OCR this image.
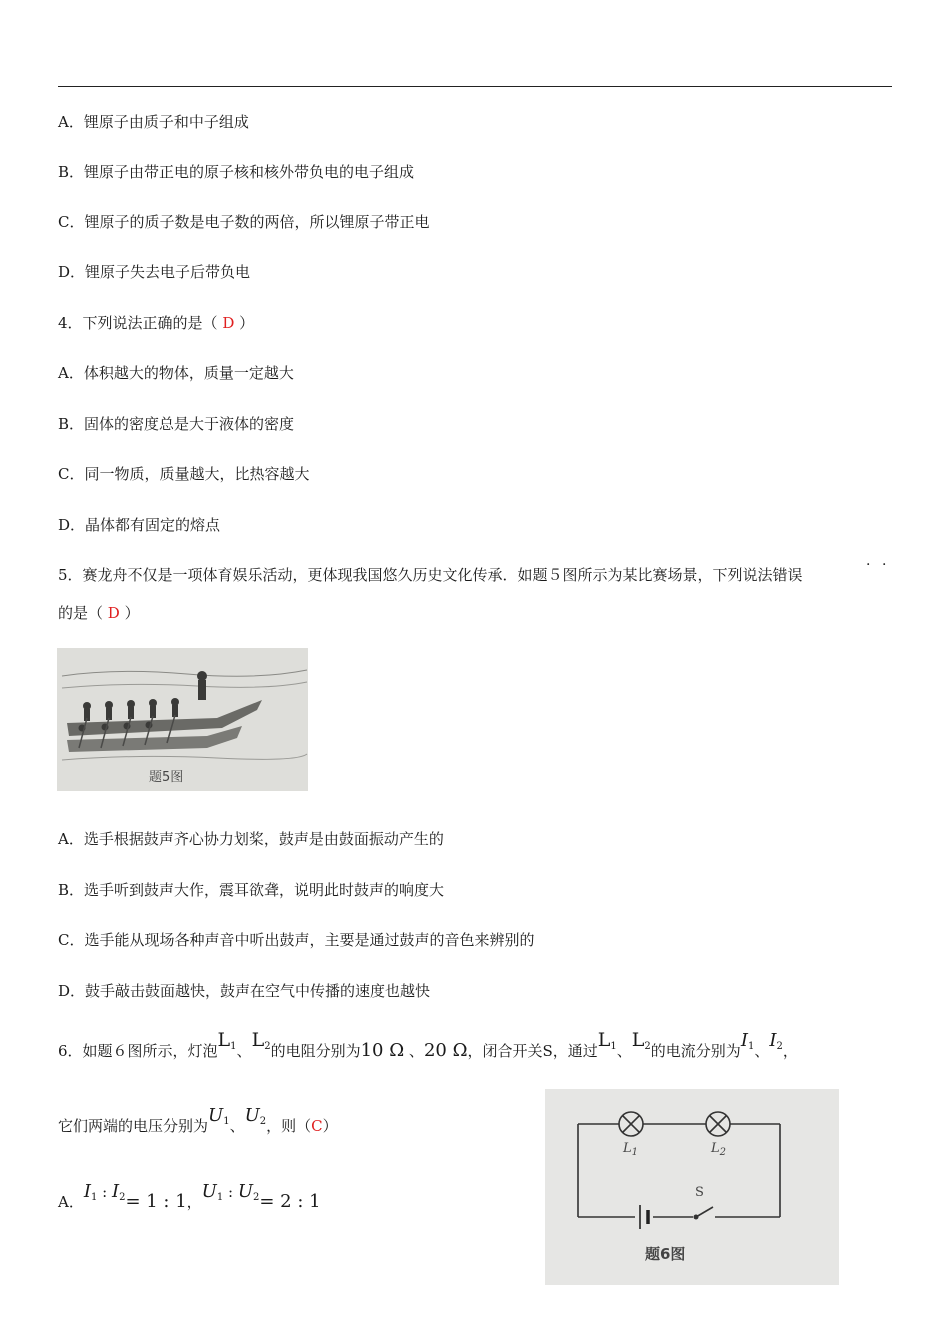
A．锂原子由质子和中子组成
B．锂原子由带正电的原子核和核外带负电的电子组成
C．锂原子的质子数是电子数的两倍，所以锂原子带正电
D．锂原子失去电子后带负电
4．下列说法正确的是（ D ）
A．体积越大的物体，质量一定越大
B．固体的密度总是大于液体的密度
C．同一物质，质量越大，比热容越大
D．晶体都有固定的熔点
5．赛龙舟不仅是一项体育娱乐活动，更体现我国悠久历史文化传承．如题５图所示为某比赛场景，下列说法错误
· ·
的是（ D ）
题5图
A．选手根据鼓声齐心协力划桨，鼓声是由鼓面振动产生的
B．选手听到鼓声大作，震耳欲聋，说明此时鼓声的响度大
C．选手能从现场各种声音中听出鼓声，主要是通过鼓声的音色来辨别的
D．鼓手敲击鼓面越快，鼓声在空气中传播的速度也越快
6．如题６图所示，灯泡$L^1$、$L^2$的电阻分别为10 Ω 、20 Ω，闭合开关S，通过$L^1$、$L^2$的电流分别为$I^1$、$I^2$，
它们两端的电压分别为$U^1$、$U^2$，则（C）
A．$I^1$ : $I^2= 1$ : 1，$U^1$ : $U^2= 2$ : 1
$L_1$	$L_2$
S
题6图
